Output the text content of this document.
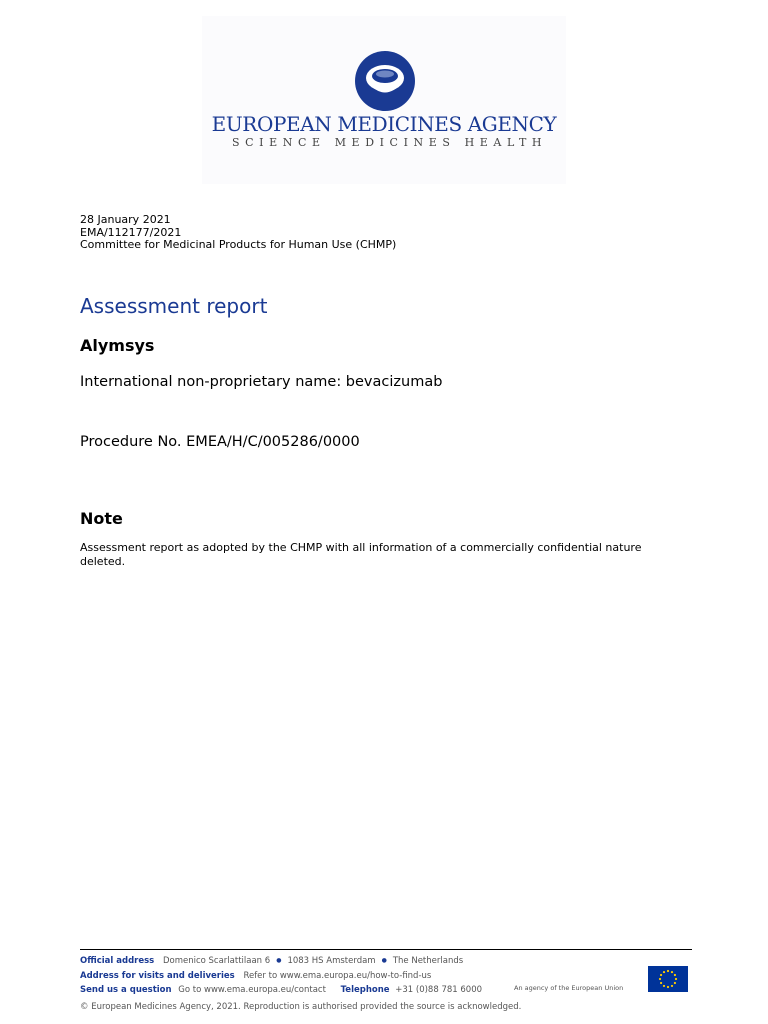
EUROPEAN MEDICINES AGENCY
SCIENCE MEDICINES HEALTH
28 January 2021
EMA/112177/2021
Committee for Medicinal Products for Human Use (CHMP)
Assessment report
Alymsys
International non-proprietary name: bevacizumab
Procedure No. EMEA/H/C/005286/0000
Note
Assessment report as adopted by the CHMP with all information of a commercially confidential nature deleted.
Official address Domenico Scarlattilaan 6 ● 1083 HS Amsterdam ● The Netherlands
Address for visits and deliveries Refer to www.ema.europa.eu/how-to-find-us
Send us a question Go to www.ema.europa.eu/contact Telephone +31 (0)88 781 6000	An agency of the European Union
© European Medicines Agency, 2021. Reproduction is authorised provided the source is acknowledged.
